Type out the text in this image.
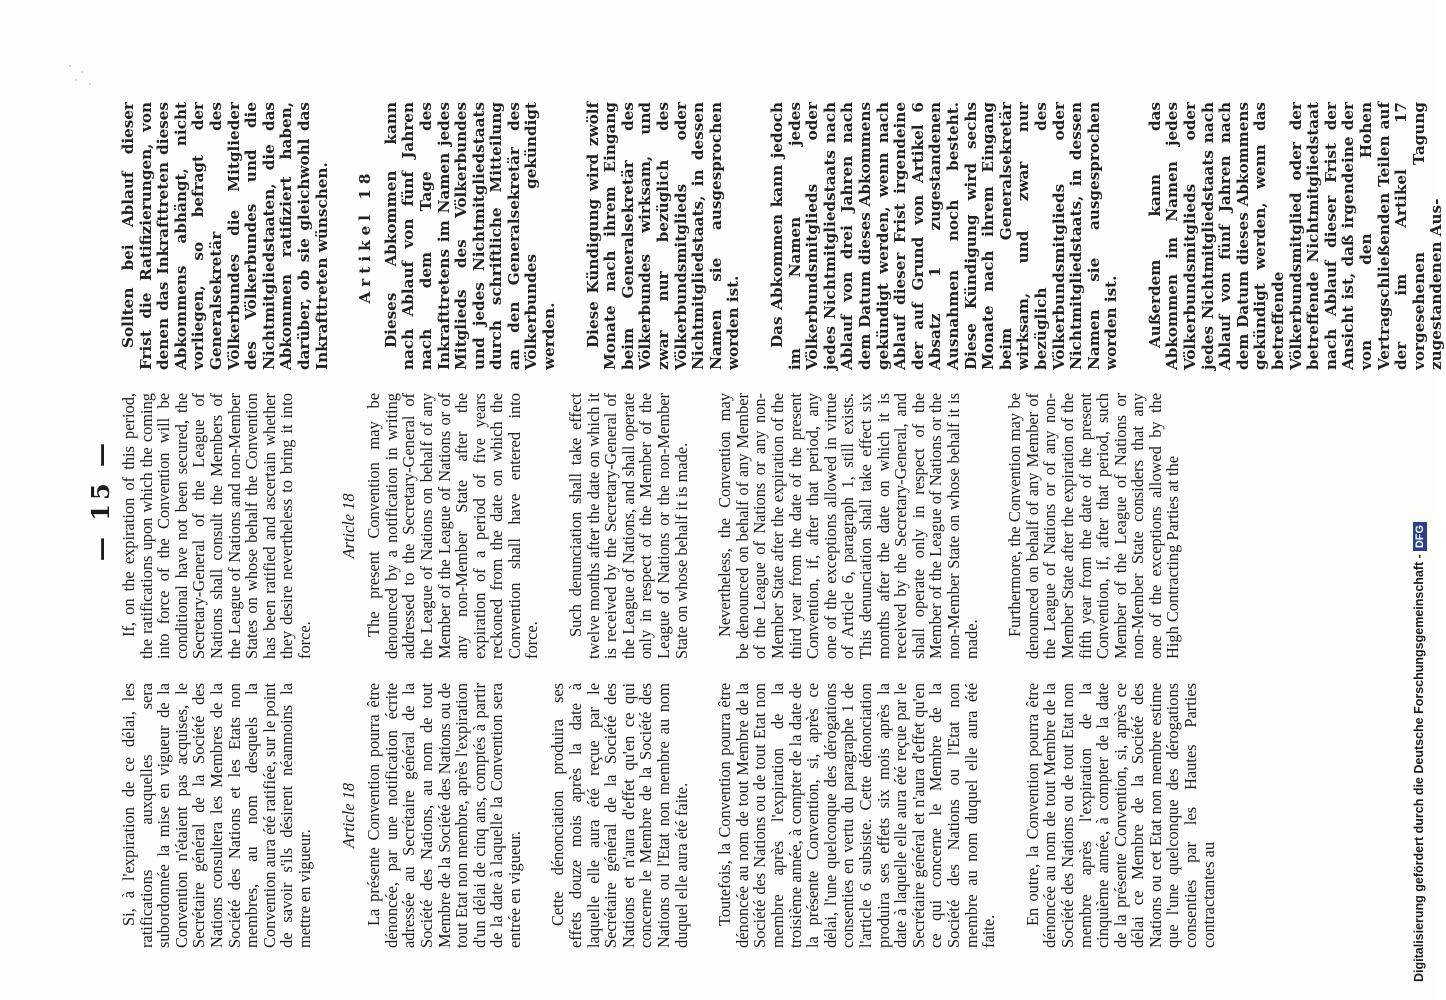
— 15 —

Si, à l'expiration de ce délai, les ratifications auxquelles sera subordonnée la mise en vigueur de la Convention n'étaient pas acquises, le Secrétaire général de la Société des Nations consultera les Membres de la Société des Nations et les Etats non membres, au nom desquels la Convention aura été ratifiée, sur le point de savoir s'ils désirent néanmoins la mettre en vigueur.

Article 18 La présente Convention pourra être dénoncée, par une notification écrite adressée au Secrétaire général de la Société des Nations, au nom de tout Membre de la Société des Nations ou de tout Etat non membre, après l'expiration d'un délai de cinq ans, comptés à partir de la date à laquelle la Convention sera entrée en vigueur. Cette dénonciation produira ses effets douze mois après la date à laquelle elle aura été reçue par le Secrétaire général de la Société des Nations et n'aura d'effet qu'en ce qui concerne le Membre de la Société des Nations ou l'Etat non membre au nom duquel elle aura été faite. Toutefois, la Convention pourra être dénoncée au nom de tout Membre de la Société des Nations ou de tout Etat non membre après l'expiration de la troisième année, à compter de la date de la présente Convention, si, après ce délai, l'une quelconque des dérogations consenties en vertu du paragraphe 1 de l'article 6 subsiste. Cette dénonciation produira ses effets six mois après la date à laquelle elle aura été reçue par le Secrétaire général et n'aura d'effet qu'en ce qui concerne le Membre de la Société des Nations ou l'Etat non membre au nom duquel elle aura été faite.

En outre, la Convention pourra être dénoncée au nom de tout Membre de la Société des Nations ou de tout Etat non membre après l'expiration de la cinquième année, à compter de la date de la présente Convention, si, après ce délai ce Membre de la Société des Nations ou cet Etat non membre estime que l'une quelconque des dérogations consenties par les Hautes Parties contractantes au

If, on the expiration of this period, the ratifications upon which the coming into force of the Convention will be conditional have not been secured, the Secretary-General of the League of Nations shall consult the Members of the League of Nations and non-Member States on whose behalf the Convention has been ratified and ascertain whether they desire nevertheless to bring it into force.

Article 18 The present Convention may be denounced by a notification in writing addressed to the Secretary-General of the League of Nations on behalf of any Member of the League of Nations or of any non-Member State after the expiration of a period of five years reckoned from the date on which the Convention shall have entered into force.

Such denunciation shall take effect twelve months after the date on which it is received by the Secretary-General of the League of Nations, and shall operate only in respect of the Member of the League of Nations or the non-Member State on whose behalf it is made. Nevertheless, the Convention may be denounced on behalf of any Member of the League of Nations or any non-Member State after the expiration of the third year from the date of the present Convention, if, after that period, any one of the exceptions allowed in virtue of Article 6, paragraph 1, still exists. This denunciation shall take effect six months after the date on which it is received by the Secretary-General, and shall operate only in respect of the Member of the League of Nations or the non-Member State on whose behalf it is made.

Furthermore, the Convention may be denounced on behalf of any Member of the League of Nations or of any non-Member State after the expiration of the fifth year from the date of the present Convention, if, after that period, such Member of the League of Nations or non-Member State considers that any one of the exceptions allowed by the High Contracting Parties at the

Sollten bei Ablauf dieser Frist die Ratifizierungen, von denen das Inkrafttreten dieses Abkommens abhängt, nicht vorliegen, so befragt der Generalsekretär des Völkerbundes die Mitglieder des Völkerbundes und die Nichtmitgliedstaaten, die das Abkommen ratifiziert haben, darüber, ob sie gleichwohl das Inkrafttreten wünschen. Artikel 18 Dieses Abkommen kann nach Ablauf von fünf Jahren nach dem Tage des Inkrafttretens im Namen jedes Mitglieds des Völkerbundes und jedes Nichtmitgliedstaats durch schriftliche Mitteilung an den Generalsekretär des Völkerbundes gekündigt werden. Diese Kündigung wird zwölf Monate nach ihrem Eingang beim Generalsekretär des Völkerbundes wirksam, und zwar nur bezüglich des Völkerbundsmitglieds oder Nichtmitgliedstaats, in dessen Namen sie ausgesprochen worden ist. Das Abkommen kann jedoch im Namen jedes Völkerbundsmitglieds oder jedes Nichtmitgliedstaats nach Ablauf von drei Jahren nach dem Datum dieses Abkommens gekündigt werden, wenn nach Ablauf dieser Frist irgendeine der auf Grund von Artikel 6 Absatz 1 zugestandenen Ausnahmen noch besteht. Diese Kündigung wird sechs Monate nach ihrem Eingang beim Generalsekretär wirksam, und zwar nur bezüglich des Völkerbundsmitglieds oder Nichtmitgliedstaats, in dessen Namen sie ausgesprochen worden ist. Außerdem kann das Abkommen im Namen jedes Völkerbundsmitglieds oder jedes Nichtmitgliedstaats nach Ablauf von fünf Jahren nach dem Datum dieses Abkommens gekündigt werden, wenn das betreffende Völkerbundsmitglied oder der betreffende Nichtmitgliedstaat nach Ablauf dieser Frist der Ansicht ist, daß irgendeine der von den Hohen Vertragschließenden Teilen auf der im Artikel 17 vorgesehenen Tagung zugestandenen Aus-

Digitalisierung gefördert durch die Deutsche Forschungsgemeinschaft -DFG
